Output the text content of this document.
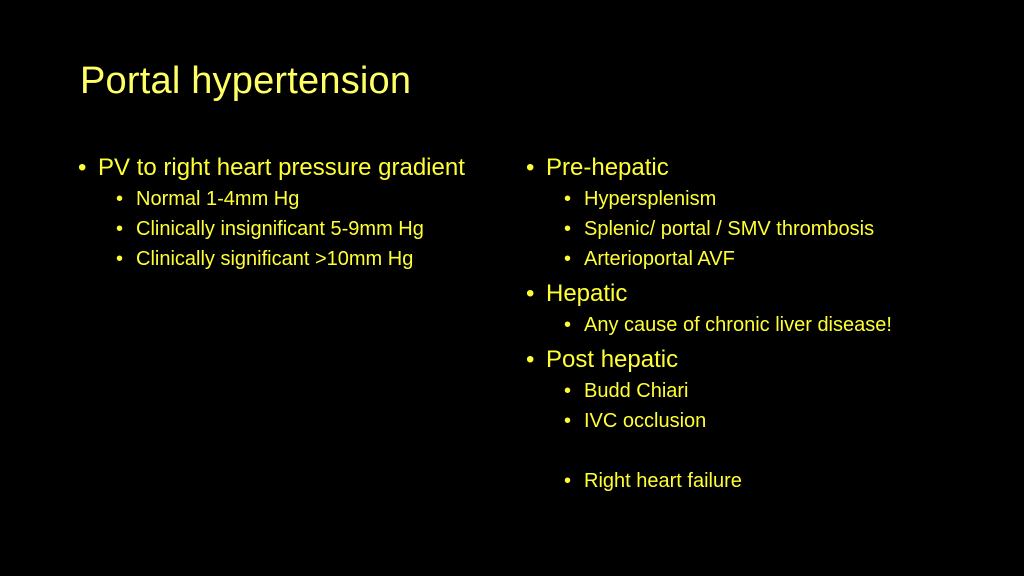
Portal hypertension
• PV to right heart pressure gradient
• Normal 1-4mm Hg
• Clinically insignificant 5-9mm Hg
• Clinically significant >10mm Hg
• Pre-hepatic
• Hypersplenism
• Splenic/ portal / SMV thrombosis
• Arterioportal AVF
• Hepatic
• Any cause of chronic liver disease!
• Post hepatic
• Budd Chiari
• IVC occlusion
• Right heart failure
